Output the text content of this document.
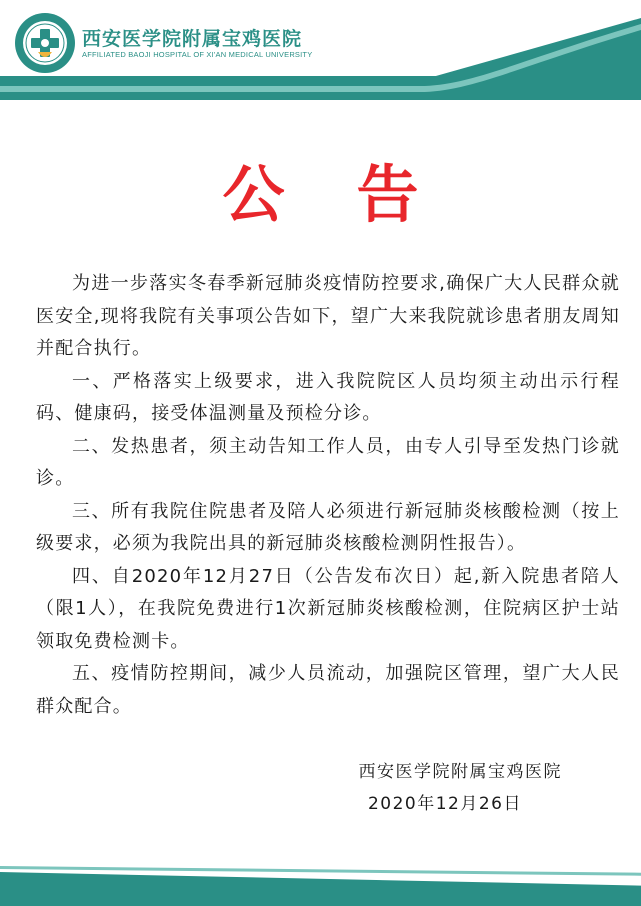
西安医学院附属宝鸡医院
AFFILIATED BAOJI HOSPITAL OF XI'AN MEDICAL UNIVERSITY
公告

为进一步落实冬春季新冠肺炎疫情防控要求,确保广大人民群众就医安全,现将我院有关事项公告如下，望广大来我院就诊患者朋友周知并配合执行。

一、严格落实上级要求，进入我院院区人员均须主动出示行程码、健康码，接受体温测量及预检分诊。

二、发热患者，须主动告知工作人员，由专人引导至发热门诊就诊。

三、所有我院住院患者及陪人必须进行新冠肺炎核酸检测（按上级要求，必须为我院出具的新冠肺炎核酸检测阴性报告）。

四、自2020年12月27日（公告发布次日）起,新入院患者陪人（限1人），在我院免费进行1次新冠肺炎核酸检测，住院病区护士站领取免费检测卡。

五、疫情防控期间，减少人员流动，加强院区管理，望广大人民群众配合。

西安医学院附属宝鸡医院
2020年12月26日
